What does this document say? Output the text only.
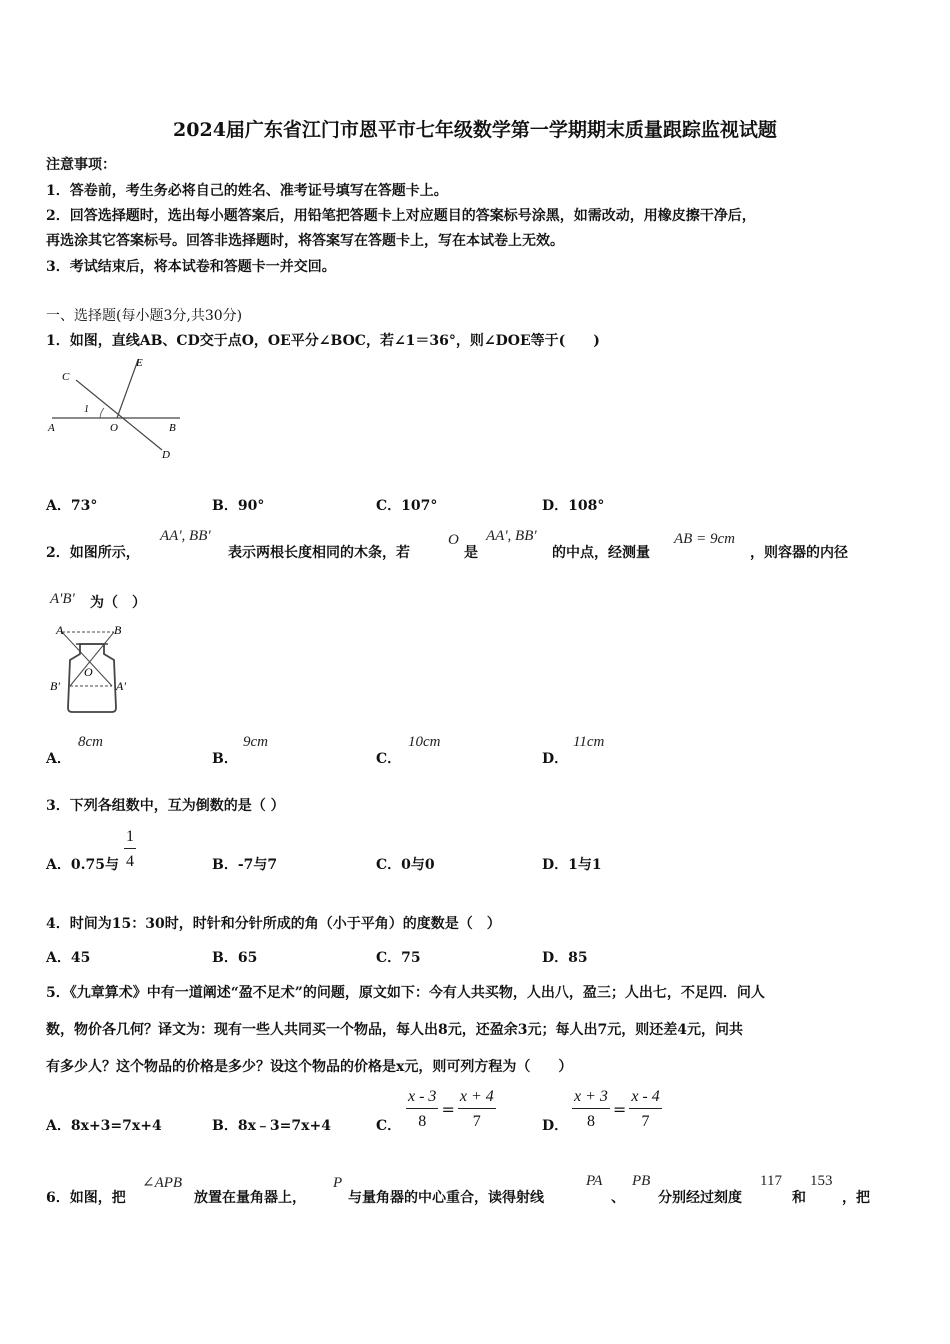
2024届广东省江门市恩平市七年级数学第一学期期末质量跟踪监视试题
注意事项：
1．答卷前，考生务必将自己的姓名、准考证号填写在答题卡上。
2．回答选择题时，选出每小题答案后，用铅笔把答题卡上对应题目的答案标号涂黑，如需改动，用橡皮擦干净后，
再选涂其它答案标号。回答非选择题时，将答案写在答题卡上，写在本试卷上无效。
3．考试结束后，将本试卷和答题卡一并交回。
一、选择题(每小题3分,共30分)
1．如图，直线AB、CD交于点O，OE平分∠BOC，若∠1＝36°，则∠DOE等于(　　)
C
E
1
A	O	B
D
A．73°	B．90°	C．107°	D．108°
2．如图所示，
AA', BB'
表示两根长度相同的木条，若
O
是
AA', BB'
的中点，经测量
AB = 9cm
，则容器的内径
A'B' 为（　）
A	B
O
B'	A'
A．
8cm
B．
9cm
C．
10cm
D．
11cm
3．下列各组数中，互为倒数的是（ ）
A．0.75与 $\frac{1}{4}$	B．-7与7	C．0与0	D．1与1
4．时间为15：30时，时针和分针所成的角（小于平角）的度数是（　）
A．45	B．65	C．75	D．85
5．《九章算术》中有一道阐述“盈不足术”的问题，原文如下：今有人共买物，人出八，盈三；人出七，不足四．问人
数，物价各几何？译文为：现有一些人共同买一个物品，每人出8元，还盈余3元；每人出7元，则还差4元，问共
有多少人？这个物品的价格是多少？设这个物品的价格是x元，则可列方程为（　　）
A．8x+3=7x+4	B．8x﹣3=7x+4	C． $\frac{x - 3}{8} = \frac{x + 4}{7}$	D． $\frac{x + 3}{8} = \frac{x - 4}{7}$
6．如图，把
∠APB
放置在量角器上，
P
与量角器的中心重合，读得射线
PA
、
PB
分别经过刻度
117
和
153
，把
